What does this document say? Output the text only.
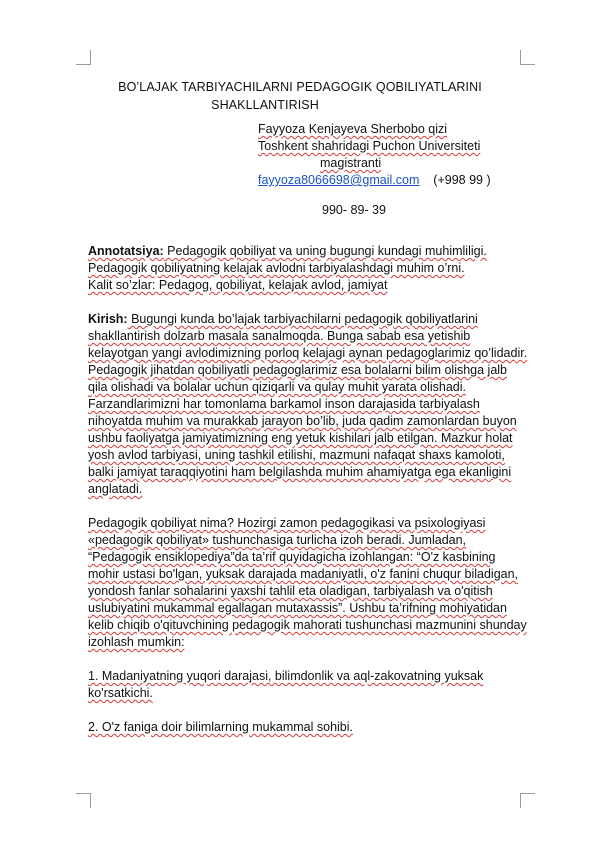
BO’LAJAK TARBIYACHILARNI PEDAGOGIK QOBILIYATLARINI
SHAKLLANTIRISH
Fayyoza Kenjayeva Sherbobo qizi
Toshkent shahridagi Puchon Universiteti
magistranti
fayyoza8066698@gmail.com (+998 99 )
990- 89- 39

Annotatsiya: Pedagogik qobiliyat va uning bugungi kundagi muhimliligi. Pedagogik qobiliyatning kelajak avlodni tarbiyalashdagi muhim o’rni.

Kalit so’zlar: Pedagog, qobiliyat, kelajak avlod, jamiyat

Kirish: Bugungi kunda bo’lajak tarbiyachilarni pedagogik qobiliyatlarini shakllantirish dolzarb masala sanalmoqda. Bunga sabab esa yetishib kelayotgan yangi avlodimizning porloq kelajagi aynan pedagoglarimiz qo’lidadir. Pedagogik jihatdan qobiliyatli pedagoglarimiz esa bolalarni bilim olishga jalb qila olishadi va bolalar uchun qiziqarli va qulay muhit yarata olishadi. Farzandlarimizni har tomonlama barkamol inson darajasida tarbiyalash nihoyatda muhim va murakkab jarayon bo’lib, juda qadim zamonlardan buyon ushbu faoliyatga jamiyatimizning eng yetuk kishilari jalb etilgan. Mazkur holat yosh avlod tarbiyasi, uning tashkil etilishi, mazmuni nafaqat shaxs kamoloti, balki jamiyat taraqqiyotini ham belgilashda muhim ahamiyatga ega ekanligini anglatadi.

Pedagogik qobiliyat nima? Hozirgi zamon pedagogikasi va psixologiyasi «pedagogik qobiliyat» tushunchasiga turlicha izoh beradi. Jumladan, “Pedagogik ensiklopediya”da ta’rif quyidagicha izohlangan: “O'z kasbining mohir ustasi bo'lgan, yuksak darajada madaniyatli, o'z fanini chuqur biladigan, yondosh fanlar sohalarini yaxshi tahlil eta oladigan, tarbiyalash va o'qitish uslubiyatini mukammal egallagan mutaxassis”. Ushbu ta’rifning mohiyatidan kelib chiqib o'qituvchining pedagogik mahorati tushunchasi mazmunini shunday izohlash mumkin:

1. Madaniyatning yuqori darajasi, bilimdonlik va aql-zakovatning yuksak ko'rsatkichi.

2. O'z faniga doir bilimlarning mukammal sohibi.
